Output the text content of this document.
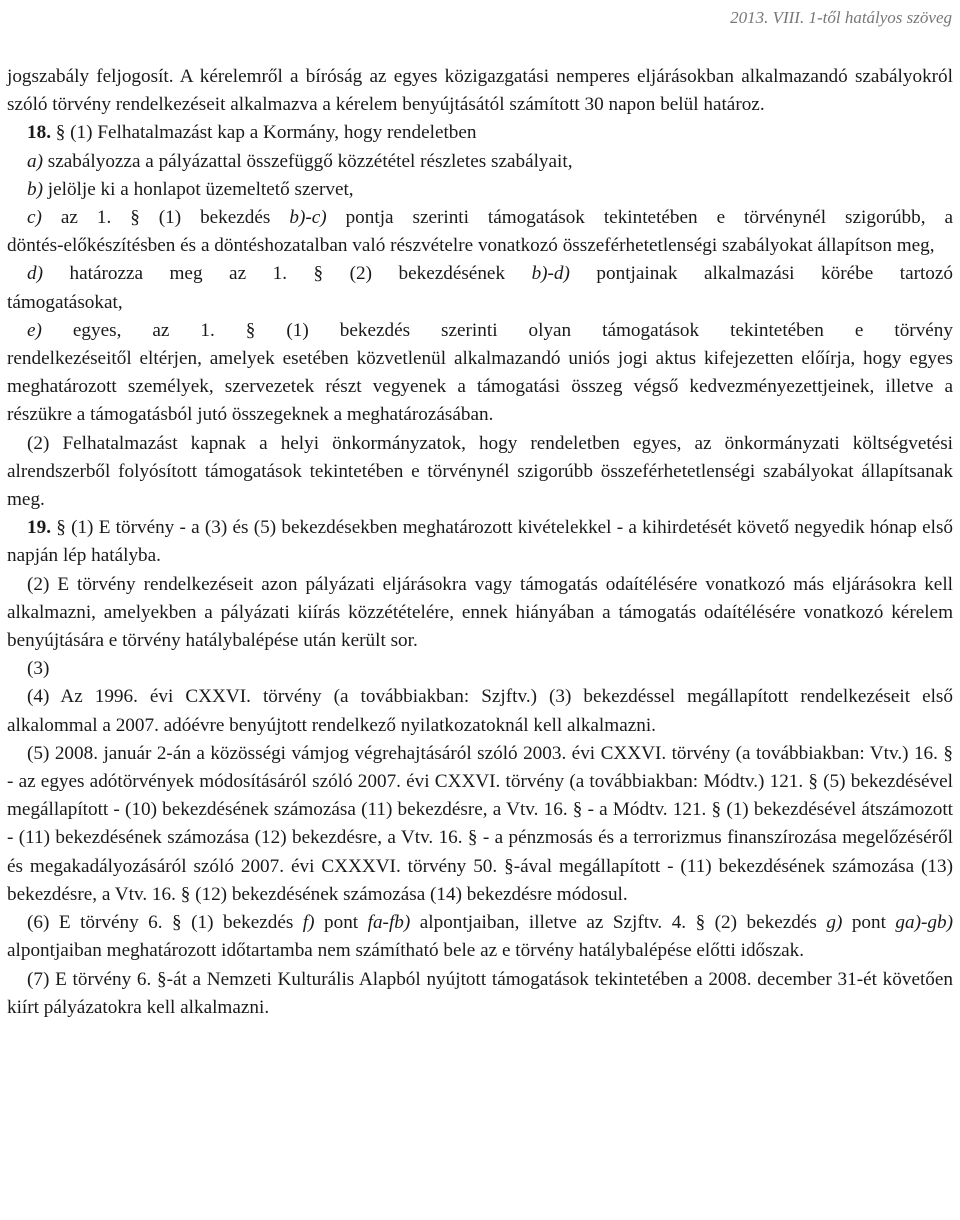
2013. VIII. 1-től hatályos szöveg

jogszabály feljogosít. A kérelemről a bíróság az egyes közigazgatási nemperes eljárásokban alkalmazandó szabályokról szóló törvény rendelkezéseit alkalmazva a kérelem benyújtásától számított 30 napon belül határoz.

18. § (1) Felhatalmazást kap a Kormány, hogy rendeletben

a) szabályozza a pályázattal összefüggő közzététel részletes szabályait,

b) jelölje ki a honlapot üzemeltető szervet,

c) az 1. § (1) bekezdés b)-c) pontja szerinti támogatások tekintetében e törvénynél szigorúbb, a
döntés-előkészítésben és a döntéshozatalban való részvételre vonatkozó összeférhetetlenségi szabályokat állapítson meg,

d) határozza meg az 1. § (2) bekezdésének b)-d) pontjainak alkalmazási körébe tartozó
támogatásokat,

e) egyes, az 1. § (1) bekezdés szerinti olyan támogatások tekintetében e törvény
rendelkezéseitől eltérjen, amelyek esetében közvetlenül alkalmazandó uniós jogi aktus kifejezetten előírja, hogy egyes meghatározott személyek, szervezetek részt vegyenek a támogatási összeg végső kedvezményezettjeinek, illetve a részükre a támogatásból jutó összegeknek a meghatározásában.

(2) Felhatalmazást kapnak a helyi önkormányzatok, hogy rendeletben egyes, az önkormányzati költségvetési alrendszerből folyósított támogatások tekintetében e törvénynél szigorúbb összeférhetetlenségi szabályokat állapítsanak meg.

19. § (1) E törvény - a (3) és (5) bekezdésekben meghatározott kivételekkel - a kihirdetését követő negyedik hónap első napján lép hatályba.

(2) E törvény rendelkezéseit azon pályázati eljárásokra vagy támogatás odaítélésére vonatkozó más eljárásokra kell alkalmazni, amelyekben a pályázati kiírás közzétételére, ennek hiányában a támogatás odaítélésére vonatkozó kérelem benyújtására e törvény hatálybalépése után került sor.

(3)

(4) Az 1996. évi CXXVI. törvény (a továbbiakban: Szjftv.) (3) bekezdéssel megállapított rendelkezéseit első alkalommal a 2007. adóévre benyújtott rendelkező nyilatkozatoknál kell alkalmazni.

(5) 2008. január 2-án a közösségi vámjog végrehajtásáról szóló 2003. évi CXXVI. törvény (a továbbiakban: Vtv.) 16. § - az egyes adótörvények módosításáról szóló 2007. évi CXXVI. törvény (a továbbiakban: Módtv.) 121. § (5) bekezdésével megállapított - (10) bekezdésének számozása (11) bekezdésre, a Vtv. 16. § - a Módtv. 121. § (1) bekezdésével átszámozott - (11) bekezdésének számozása (12) bekezdésre, a Vtv. 16. § - a pénzmosás és a terrorizmus finanszírozása megelőzéséről és megakadályozásáról szóló 2007. évi CXXXVI. törvény 50. §-ával megállapított - (11) bekezdésének számozása (13) bekezdésre, a Vtv. 16. § (12) bekezdésének számozása (14) bekezdésre módosul.

(6) E törvény 6. § (1) bekezdés f) pont fa-fb) alpontjaiban, illetve az Szjftv. 4. § (2) bekezdés g) pont ga)-gb) alpontjaiban meghatározott időtartamba nem számítható bele az e törvény hatálybalépése előtti időszak.

(7) E törvény 6. §-át a Nemzeti Kulturális Alapból nyújtott támogatások tekintetében a 2008. december 31-ét követően kiírt pályázatokra kell alkalmazni.
